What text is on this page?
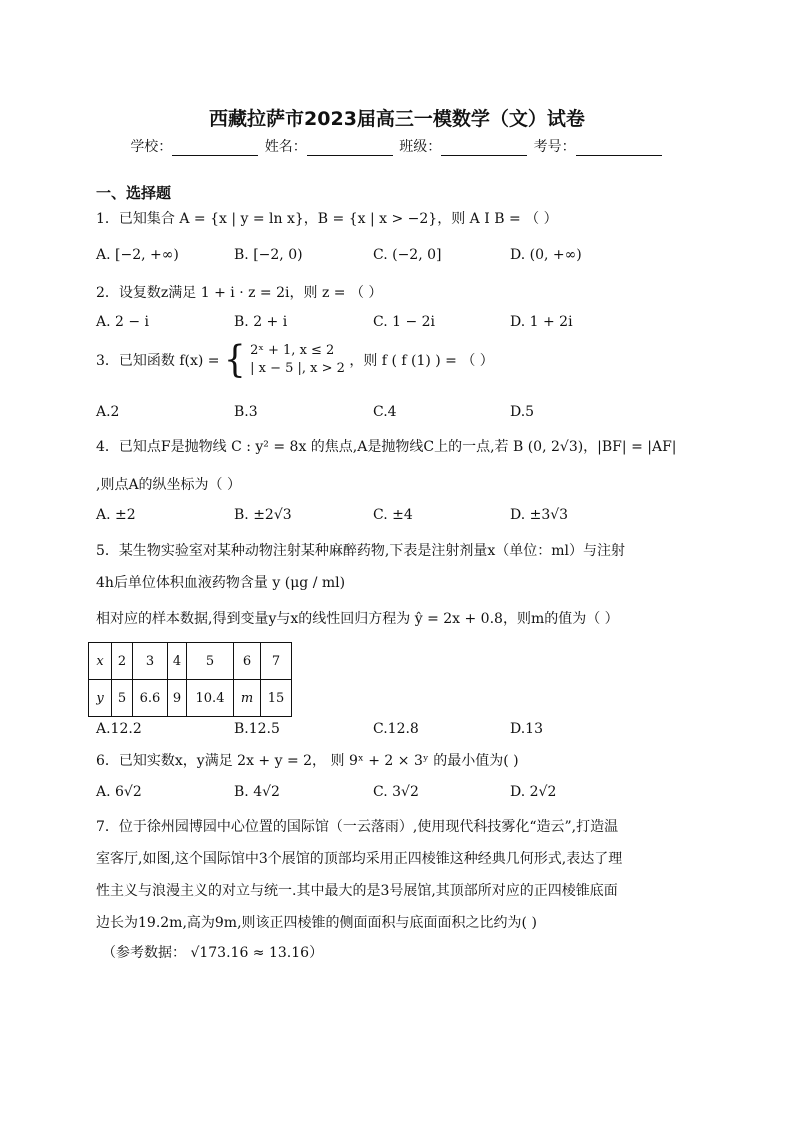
西藏拉萨市2023届高三一模数学（文）试卷
学校：	姓名：	班级：	考号：
一、选择题
1．已知集合 A = {x | y = ln x}，B = {x | x > −2}，则 A I B = （ ）
A. [−2, +∞)	B. [−2, 0)	C. (−2, 0]	D. (0, +∞)
2．设复数z满足 1 + i · z = 2i，则 z = （ ）
A. 2 − i	B. 2 + i	C. 1 − 2i	D. 1 + 2i
3．已知函数 f(x) = { 2ˣ + 1, x ≤ 2
| x − 5 |, x > 2 ，则 f ( f (1) ) = （ ）
A.2	B.3	C.4	D.5
4．已知点F是抛物线 C : y² = 8x 的焦点,A是抛物线C上的一点,若 B (0, 2√3)，|BF| = |AF|
,则点A的纵坐标为（ ）
A. ±2	B. ±2√3	C. ±4	D. ±3√3
5．某生物实验室对某种动物注射某种麻醉药物,下表是注射剂量x（单位：ml）与注射
4h后单位体积血液药物含量 y (μg / ml)
相对应的样本数据,得到变量y与x的线性回归方程为 ŷ = 2x + 0.8，则m的值为（ ）
x	2	3	4	5	6	7
y	5	6.6	9	10.4	m	15
A.12.2	B.12.5	C.12.8	D.13
6．已知实数x，y满足 2x + y = 2， 则 9ˣ + 2 × 3ʸ 的最小值为( )
A. 6√2	B. 4√2	C. 3√2	D. 2√2
7．位于徐州园博园中心位置的国际馆（一云落雨）,使用现代科技雾化“造云”,打造温
室客厅,如图,这个国际馆中3个展馆的顶部均采用正四棱锥这种经典几何形式,表达了理
性主义与浪漫主义的对立与统一.其中最大的是3号展馆,其顶部所对应的正四棱锥底面
边长为19.2m,高为9m,则该正四棱锥的侧面面积与底面面积之比约为( )
（参考数据： √173.16 ≈ 13.16）
